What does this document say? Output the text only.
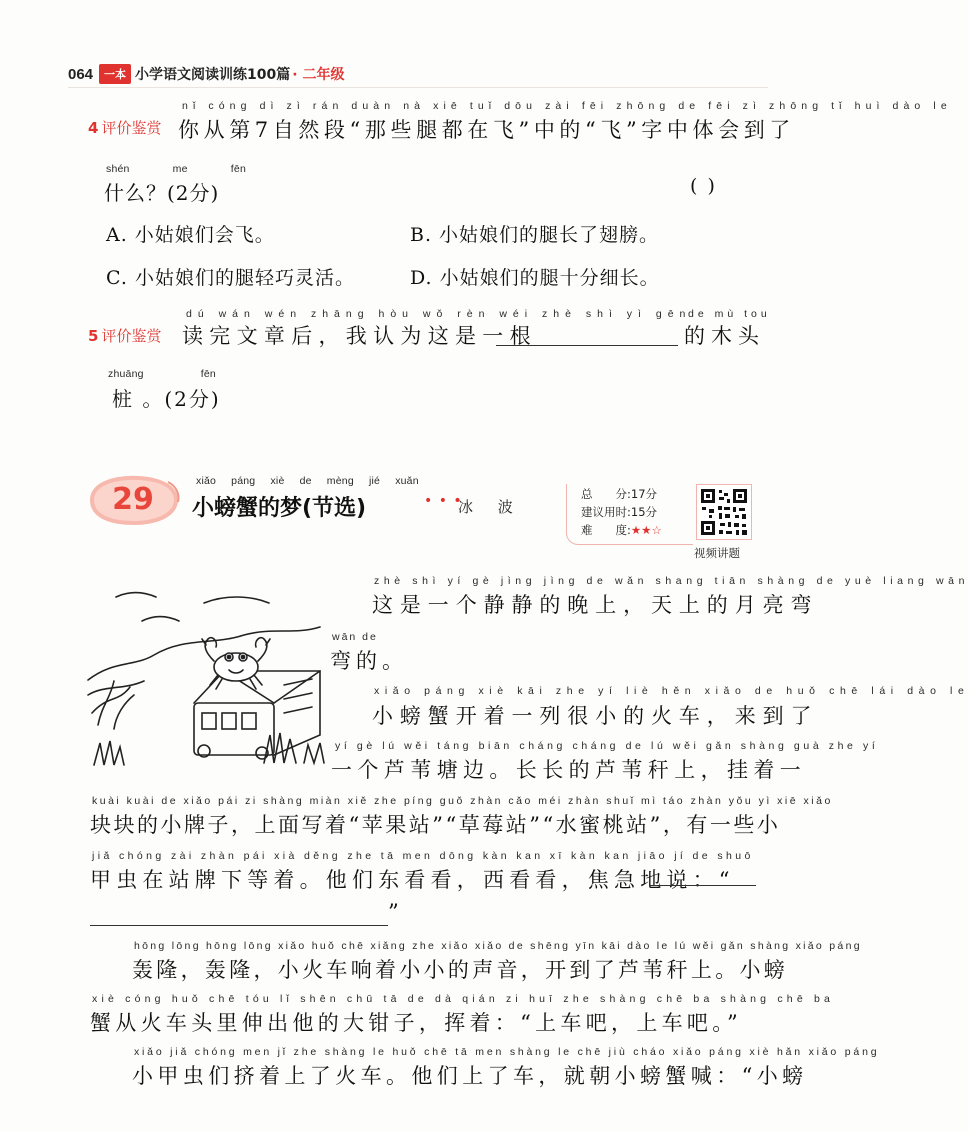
064	一本 小学语文阅读训练100篇 · 二年级
nǐ cóng dì zì rán duàn nà xiē tuǐ dōu zài fēi zhōng de fēi zì zhōng tǐ huì dào le
4 评价鉴赏 你从第7自然段“那些腿都在飞”中的“飞”字中体会到了
shén me fēn
什么？(2分)	( )
A. 小姑娘们会飞。	B. 小姑娘们的腿长了翅膀。
C. 小姑娘们的腿轻巧灵活。	D. 小姑娘们的腿十分细长。
dú wán wén zhāng hòu wǒ rèn wéi zhè shì yì gēn
de mù tou
5 评价鉴赏 读完文章后，我认为这是一根	的木头
zhuāng fēn
桩 。(2分)
29
xiǎo páng xiè de mèng jié xuǎn
小螃蟹的梦(节选)	• • •
冰 波
总　　分:17分
建议用时:15分
难　　度:★★☆
视频讲题
zhè shì yí gè jìng jìng de wǎn shang tiān shàng de yuè liang wān
这是一个静静的晚上，天上的月亮弯
wān de
弯的。
xiǎo páng xiè kāi zhe yí liè hěn xiǎo de huǒ chē lái dào le
小螃蟹开着一列很小的火车，来到了
yí gè lú wěi táng biān cháng cháng de lú wěi gǎn shàng guà zhe yí
一个芦苇塘边。长长的芦苇秆上，挂着一
kuài kuài de xiǎo pái zi shàng miàn xiě zhe píng guǒ zhàn cǎo méi zhàn shuǐ mì táo zhàn yǒu yì xiē xiǎo
块块的小牌子，上面写着“苹果站”“草莓站”“水蜜桃站”，有一些小
jiǎ chóng zài zhàn pái xià děng zhe tā men dōng kàn kan xī kàn kan jiāo jí de shuō
甲虫在站牌下等着。他们东看看，西看看，焦急地说：“
”
hōng lōng hōng lōng xiǎo huǒ chē xiǎng zhe xiǎo xiǎo de shēng yīn kāi dào le lú wěi gǎn shàng xiǎo páng
轰隆，轰隆，小火车响着小小的声音，开到了芦苇秆上。小螃
xiè cóng huǒ chē tóu lǐ shēn chū tā de dà qián zi huī zhe shàng chē ba shàng chē ba
蟹从火车头里伸出他的大钳子，挥着：“上车吧，上车吧。”
xiǎo jiǎ chóng men jǐ zhe shàng le huǒ chē tā men shàng le chē jiù cháo xiǎo páng xiè hǎn xiǎo páng
小甲虫们挤着上了火车。他们上了车，就朝小螃蟹喊：“小螃
